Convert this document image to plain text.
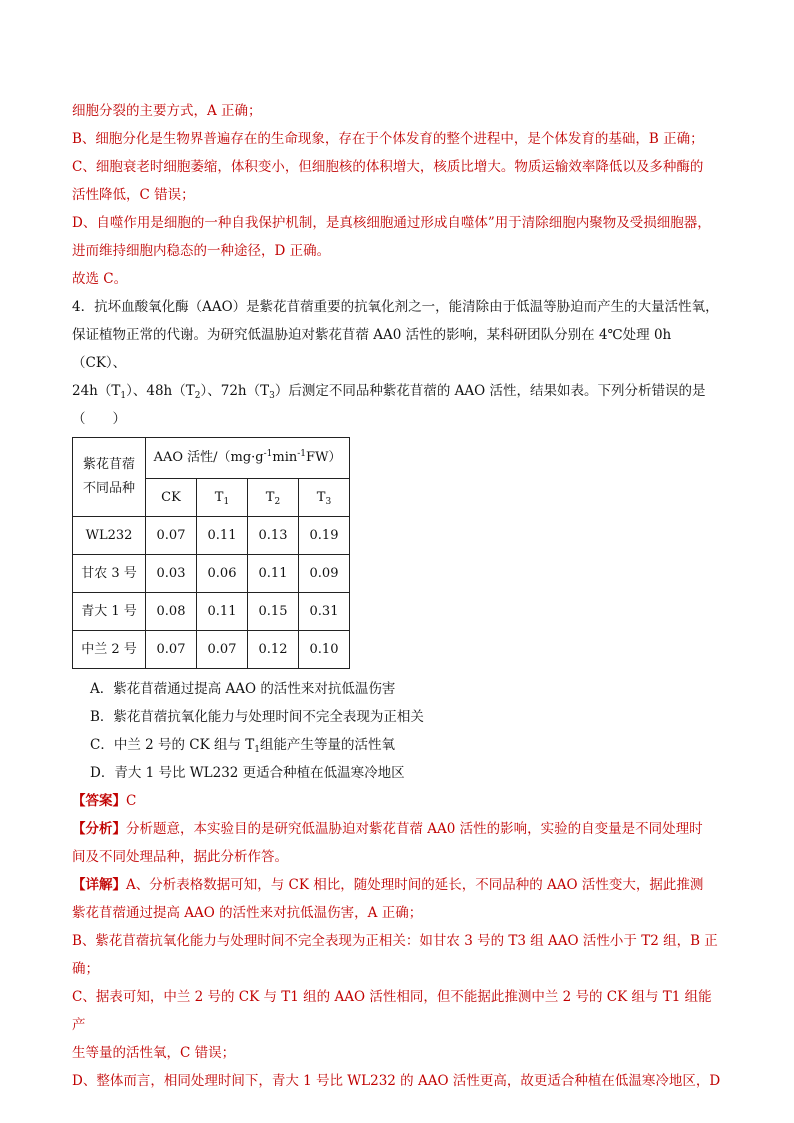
细胞分裂的主要方式，A 正确；

B、细胞分化是生物界普遍存在的生命现象，存在于个体发育的整个进程中，是个体发育的基础，B 正确；

C、细胞衰老时细胞萎缩，体积变小，但细胞核的体积增大，核质比增大。物质运输效率降低以及多种酶的

活性降低，C 错误；

D、自噬作用是细胞的一种自我保护机制，是真核细胞通过形成自噬体”用于清除细胞内聚物及受损细胞器，

进而维持细胞内稳态的一种途径，D 正确。

故选 C。

4．抗坏血酸氧化酶（AAO）是紫花苜蓿重要的抗氧化剂之一，能清除由于低温等胁迫而产生的大量活性氧，

保证植物正常的代谢。为研究低温胁迫对紫花苜蓿 AA0 活性的影响，某科研团队分别在 4℃处理 0h（CK）、

$24h(T_1)$、$48h(T_2)$、$72h(T_3)$后测定不同品种紫花苜蓿的 AAO 活性，结果如表。下列分析错误的是

（　　）

紫花苜蓿不同品种	AAO 活性$/(mg\cdot g^{-1}\min^{-1}FW)$			
	CK	$T_1$	$T_2$	$T_3$
WL232	0.07	0.11	0.13	0.19
甘农 3 号	0.03	0.06	0.11	0.09
青大 1 号	0.08	0.11	0.15	0.31
中兰 2 号	0.07	0.07	0.12	0.10

A．紫花苜蓿通过提高 AAO 的活性来对抗低温伤害

B．紫花苜蓿抗氧化能力与处理时间不完全表现为正相关

C．中兰 2 号的 CK 组与 $T_1$组能产生等量的活性氧

D．青大 1 号比 WL232 更适合种植在低温寒冷地区

【答案】C

【分析】分析题意，本实验目的是研究低温胁迫对紫花苜蓿 AA0 活性的影响，实验的自变量是不同处理时

间及不同处理品种，据此分析作答。

【详解】A、分析表格数据可知，与 CK 相比，随处理时间的延长，不同品种的 AAO 活性变大，据此推测

紫花苜蓿通过提高 AAO 的活性来对抗低温伤害，A 正确；

B、紫花苜蓿抗氧化能力与处理时间不完全表现为正相关：如甘农 3 号的 T3 组 AAO 活性小于 T2 组，B 正

确；

C、据表可知，中兰 2 号的 CK 与 T1 组的 AAO 活性相同，但不能据此推测中兰 2 号的 CK 组与 T1 组能产

生等量的活性氧，C 错误；

D、整体而言，相同处理时间下，青大 1 号比 WL232 的 AAO 活性更高，故更适合种植在低温寒冷地区，D
